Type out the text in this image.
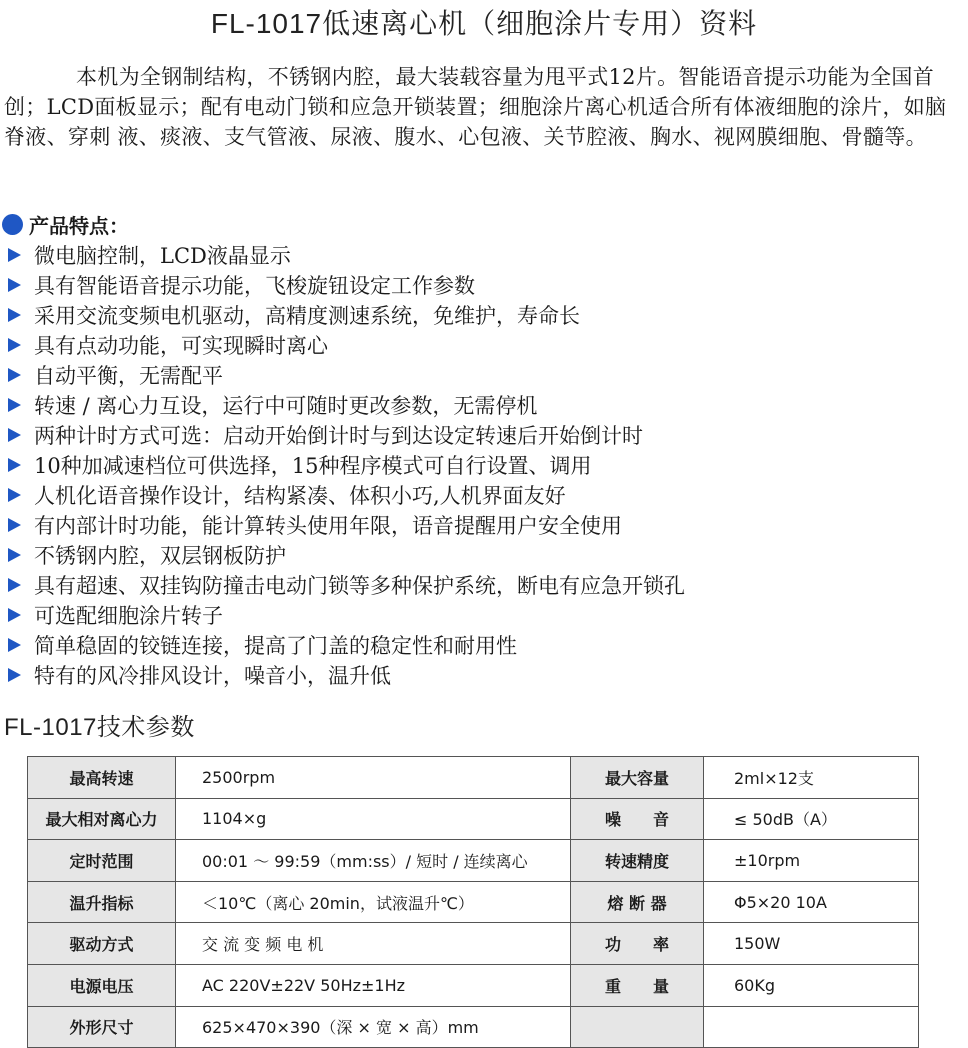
FL-1017低速离心机（细胞涂片专用）资料

本机为全钢制结构，不锈钢内腔，最大装载容量为甩平式12片。智能语音提示功能为全国首创；LCD面板显示；配有电动门锁和应急开锁装置；细胞涂片离心机适合所有体液细胞的涂片，如脑脊液、穿刺 液、痰液、支气管液、尿液、腹水、心包液、关节腔液、胸水、视网膜细胞、骨髓等。

产品特点：
微电脑控制，LCD液晶显示
具有智能语音提示功能，飞梭旋钮设定工作参数
采用交流变频电机驱动，高精度测速系统，免维护，寿命长
具有点动功能，可实现瞬时离心
自动平衡，无需配平
转速 / 离心力互设，运行中可随时更改参数，无需停机
两种计时方式可选：启动开始倒计时与到达设定转速后开始倒计时
10种加减速档位可供选择，15种程序模式可自行设置、调用
人机化语音操作设计，结构紧凑、体积小巧,人机界面友好
有内部计时功能，能计算转头使用年限，语音提醒用户安全使用
不锈钢内腔，双层钢板防护
具有超速、双挂钩防撞击电动门锁等多种保护系统，断电有应急开锁孔
可选配细胞涂片转子
简单稳固的铰链连接，提高了门盖的稳定性和耐用性
特有的风冷排风设计，噪音小，温升低
FL-1017技术参数
最高转速	2500rpm	最大容量	2ml×12支
最大相对离心力	1104×g	噪　　音	≤ 50dB（A）
定时范围	00:01 ～ 99:59（mm:ss）/ 短时 / 连续离心	转速精度	±10rpm
温升指标	＜10℃（离心 20min，试液温升℃）	熔 断 器	Φ5×20 10A
驱动方式	交 流 变 频 电 机	功　　率	150W
电源电压	AC 220V±22V 50Hz±1Hz	重　　量	60Kg
外形尺寸	625×470×390（深 × 宽 × 高）mm		
